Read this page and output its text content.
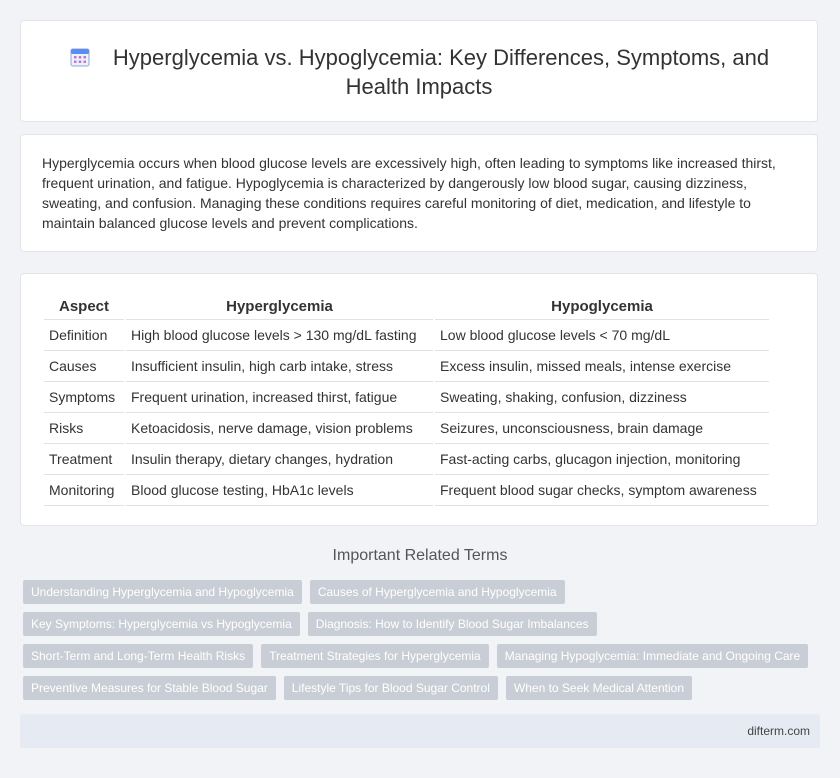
Hyperglycemia vs. Hypoglycemia: Key Differences, Symptoms, and Health Impacts

Hyperglycemia occurs when blood glucose levels are excessively high, often leading to symptoms like increased thirst, frequent urination, and fatigue. Hypoglycemia is characterized by dangerously low blood sugar, causing dizziness, sweating, and confusion. Managing these conditions requires careful monitoring of diet, medication, and lifestyle to maintain balanced glucose levels and prevent complications.

Aspect	Hyperglycemia	Hypoglycemia
Definition	High blood glucose levels > 130 mg/dL fasting	Low blood glucose levels < 70 mg/dL
Causes	Insufficient insulin, high carb intake, stress	Excess insulin, missed meals, intense exercise
Symptoms	Frequent urination, increased thirst, fatigue	Sweating, shaking, confusion, dizziness
Risks	Ketoacidosis, nerve damage, vision problems	Seizures, unconsciousness, brain damage
Treatment	Insulin therapy, dietary changes, hydration	Fast-acting carbs, glucagon injection, monitoring
Monitoring	Blood glucose testing, HbA1c levels	Frequent blood sugar checks, symptom awareness
Important Related Terms
Understanding Hyperglycemia and Hypoglycemia	Causes of Hyperglycemia and Hypoglycemia
Key Symptoms: Hyperglycemia vs Hypoglycemia	Diagnosis: How to Identify Blood Sugar Imbalances
Short-Term and Long-Term Health Risks	Treatment Strategies for Hyperglycemia	Managing Hypoglycemia: Immediate and Ongoing Care
Preventive Measures for Stable Blood Sugar	Lifestyle Tips for Blood Sugar Control	When to Seek Medical Attention
difterm.com
